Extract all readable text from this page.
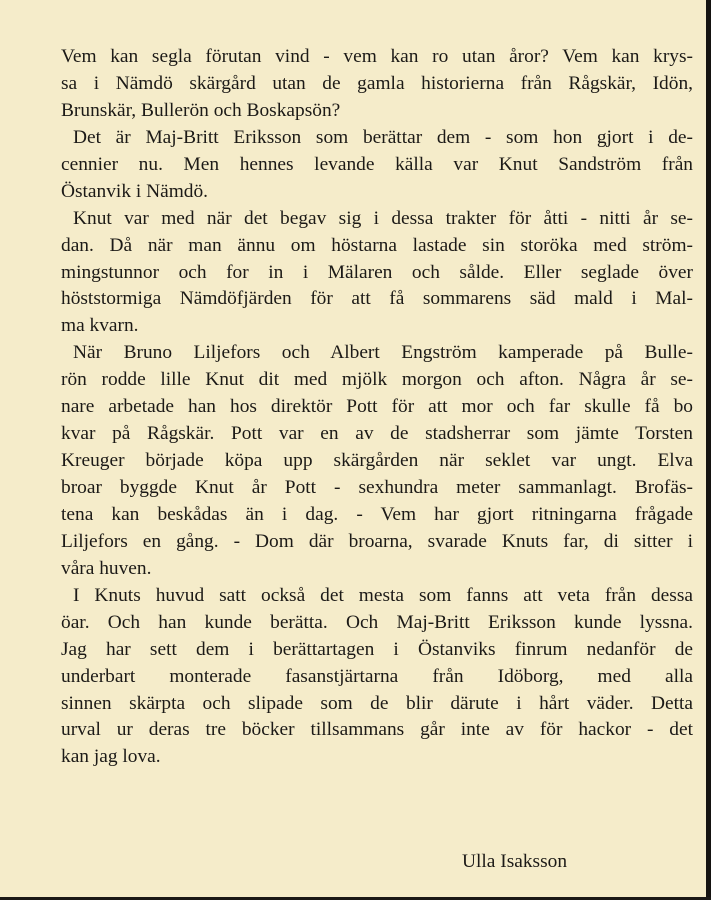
Vem kan segla förutan vind - vem kan ro utan åror? Vem kan krys-
sa i Nämdö skärgård utan de gamla historierna från Rågskär, Idön,
Brunskär, Bullerön och Boskapsön?
Det är Maj-Britt Eriksson som berättar dem - som hon gjort i de-
cennier nu. Men hennes levande källa var Knut Sandström från
Östanvik i Nämdö.
Knut var med när det begav sig i dessa trakter för åtti - nitti år se-
dan. Då när man ännu om höstarna lastade sin storöka med ström-
mingstunnor och for in i Mälaren och sålde. Eller seglade över
höststormiga Nämdöfjärden för att få sommarens säd mald i Mal-
ma kvarn.
När Bruno Liljefors och Albert Engström kamperade på Bulle-
rön rodde lille Knut dit med mjölk morgon och afton. Några år se-
nare arbetade han hos direktör Pott för att mor och far skulle få bo
kvar på Rågskär. Pott var en av de stadsherrar som jämte Torsten
Kreuger började köpa upp skärgården när seklet var ungt. Elva
broar byggde Knut år Pott - sexhundra meter sammanlagt. Brofäs-
tena kan beskådas än i dag. - Vem har gjort ritningarna frågade
Liljefors en gång. - Dom där broarna, svarade Knuts far, di sitter i
våra huven.
I Knuts huvud satt också det mesta som fanns att veta från dessa
öar. Och han kunde berätta. Och Maj-Britt Eriksson kunde lyssna.
Jag har sett dem i berättartagen i Östanviks finrum nedanför de
underbart monterade fasanstjärtarna från Idöborg, med alla
sinnen skärpta och slipade som de blir därute i hårt väder. Detta
urval ur deras tre böcker tillsammans går inte av för hackor - det
kan jag lova.
Ulla Isaksson
